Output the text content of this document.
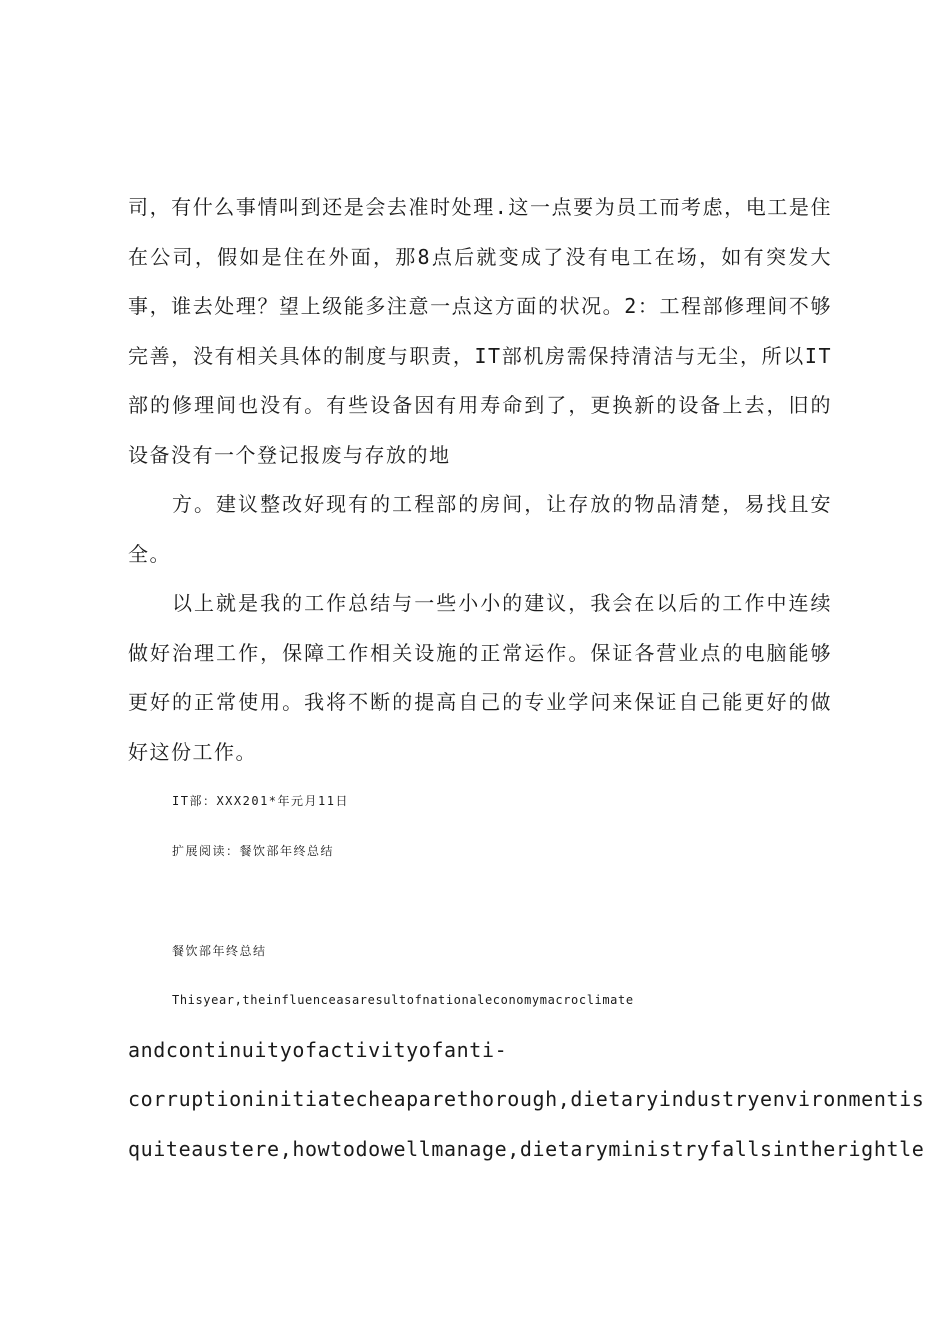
司，有什么事情叫到还是会去准时处理.这一点要为员工而考虑，电工是住在公司，假如是住在外面，那8点后就变成了没有电工在场，如有突发大事，谁去处理？望上级能多注意一点这方面的状况。2：工程部修理间不够完善，没有相关具体的制度与职责，IT部机房需保持清洁与无尘，所以IT部的修理间也没有。有些设备因有用寿命到了，更换新的设备上去，旧的设备没有一个登记报废与存放的地
方。建议整改好现有的工程部的房间，让存放的物品清楚，易找且安全。
以上就是我的工作总结与一些小小的建议，我会在以后的工作中连续做好治理工作，保障工作相关设施的正常运作。保证各营业点的电脑能够更好的正常使用。我将不断的提高自己的专业学问来保证自己能更好的做好这份工作。
IT部：XXX201*年元月11日
扩展阅读：餐饮部年终总结
餐饮部年终总结
Thisyear,theinfluenceasaresultofnationaleconomymacroclimate
andcontinuityofactivityofanti-
corruptioninitiatecheaparethorough,dietaryindustryenvironmentis
quiteaustere,howtodowellmanage,dietaryministryfallsintherightle
